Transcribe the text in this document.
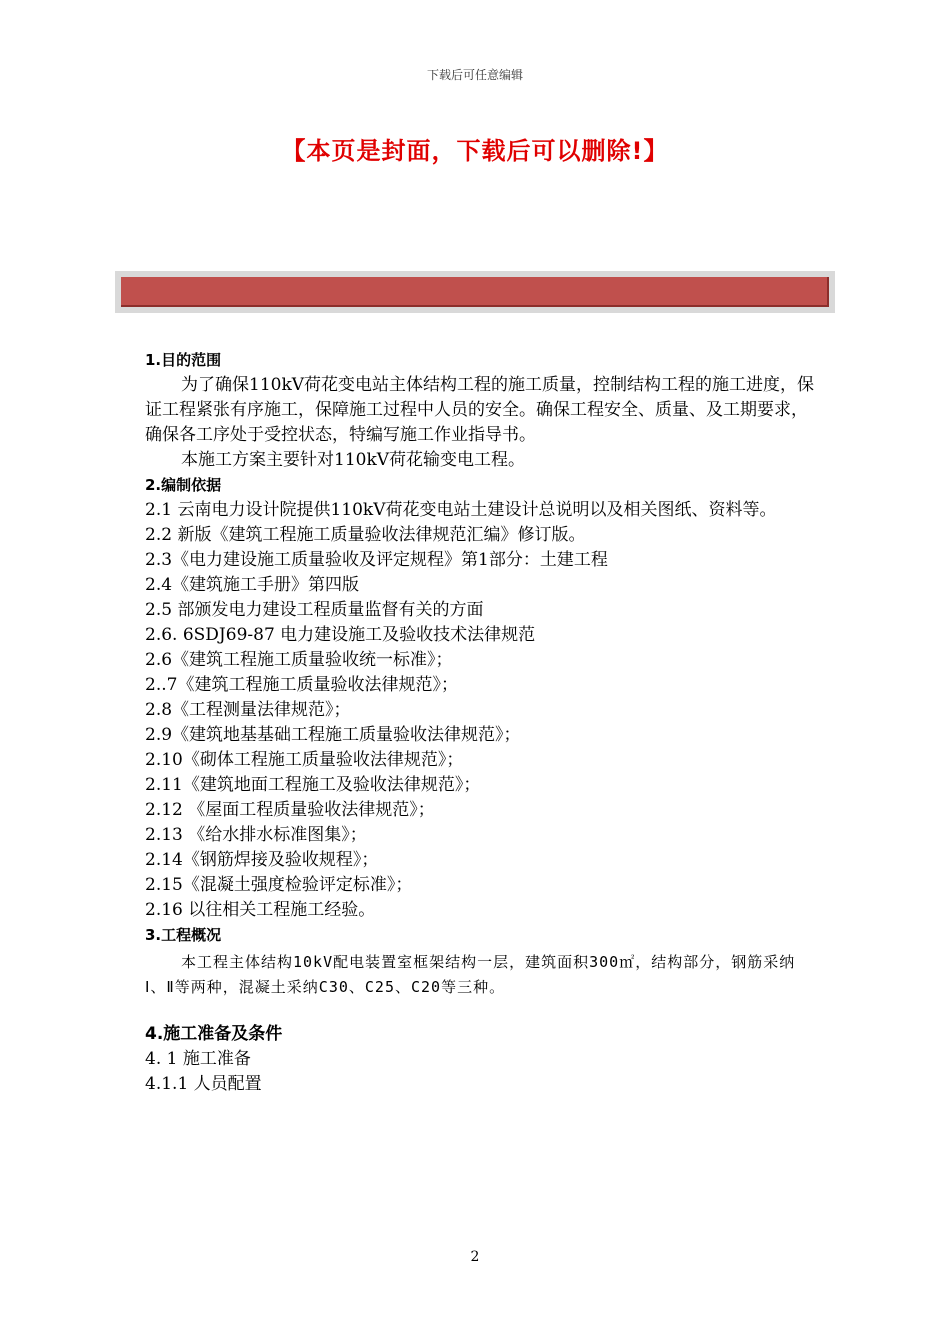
下载后可任意编辑
【本页是封面，下载后可以删除!】

1.目的范围

为了确保110kV荷花变电站主体结构工程的施工质量，控制结构工程的施工进度，保证工程紧张有序施工，保障施工过程中人员的安全。确保工程安全、质量、及工期要求，确保各工序处于受控状态，特编写施工作业指导书。

本施工方案主要针对110kV荷花输变电工程。

2.编制依据

2.1 云南电力设计院提供110kV荷花变电站土建设计总说明以及相关图纸、资料等。

2.2 新版《建筑工程施工质量验收法律规范汇编》修订版。

2.3《电力建设施工质量验收及评定规程》第1部分：土建工程

2.4《建筑施工手册》第四版

2.5 部颁发电力建设工程质量监督有关的方面

2.6. 6SDJ69-87 电力建设施工及验收技术法律规范

2.6《建筑工程施工质量验收统一标准》；

2..7《建筑工程施工质量验收法律规范》；

2.8《工程测量法律规范》；

2.9《建筑地基基础工程施工质量验收法律规范》；

2.10《砌体工程施工质量验收法律规范》；

2.11《建筑地面工程施工及验收法律规范》；

2.12 《屋面工程质量验收法律规范》；

2.13 《给水排水标准图集》；

2.14《钢筋焊接及验收规程》；

2.15《混凝土强度检验评定标准》；

2.16 以往相关工程施工经验。

3.工程概况

本工程主体结构10kV配电装置室框架结构一层，建筑面积300㎡，结构部分，钢筋采纳Ⅰ、Ⅱ等两种，混凝土采纳C30、C25、C20等三种。

4.施工准备及条件

4. 1 施工准备

4.1.1 人员配置

2
